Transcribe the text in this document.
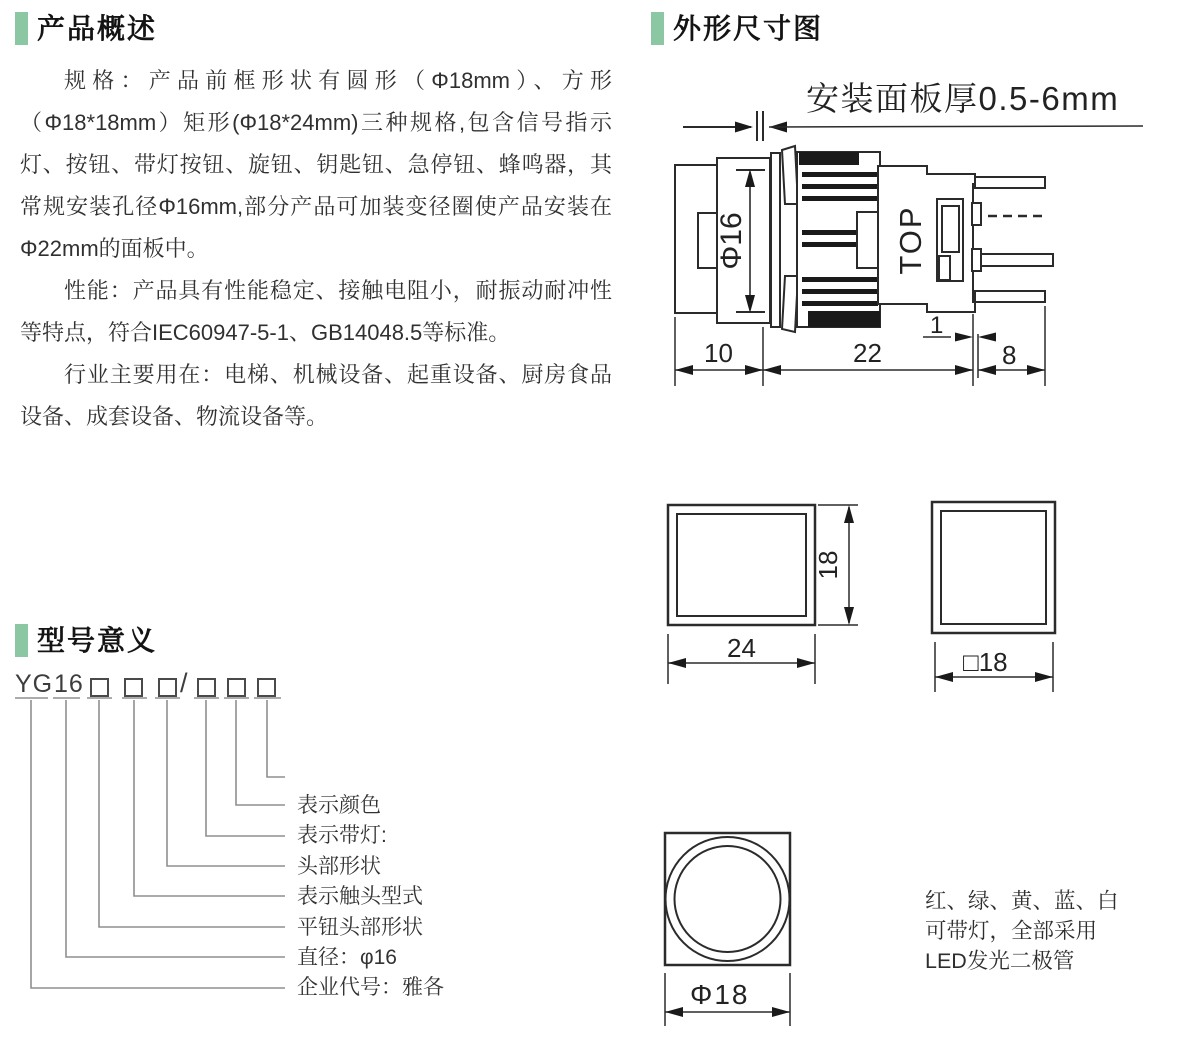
产品概述	外形尺寸图
型号意义

规格：产品前框形状有圆形（Φ18mm）、方形（Φ18*18mm）矩形(Φ18*24mm)三种规格,包含信号指示灯、按钮、带灯按钮、旋钮、钥匙钮、急停钮、蜂鸣器，其常规安装孔径Φ16mm,部分产品可加装变径圈使产品安装在Φ22mm的面板中。

性能：产品具有性能稳定、接触电阻小，耐振动耐冲性等特点，符合IEC60947-5-1、GB14048.5等标准。

行业主要用在：电梯、机械设备、起重设备、厨房食品设备、成套设备、物流设备等。

YG 16	/
表示颜色
表示带灯:
头部形状
表示触头型式
平钮头部形状
直径：φ16
企业代号：雅各
红、绿、黄、蓝、白
可带灯，全部采用
LED发光二极管
安装面板厚0.5-6mm
Φ16	TOP
10	22	8
1
18
24	□18
Φ18
